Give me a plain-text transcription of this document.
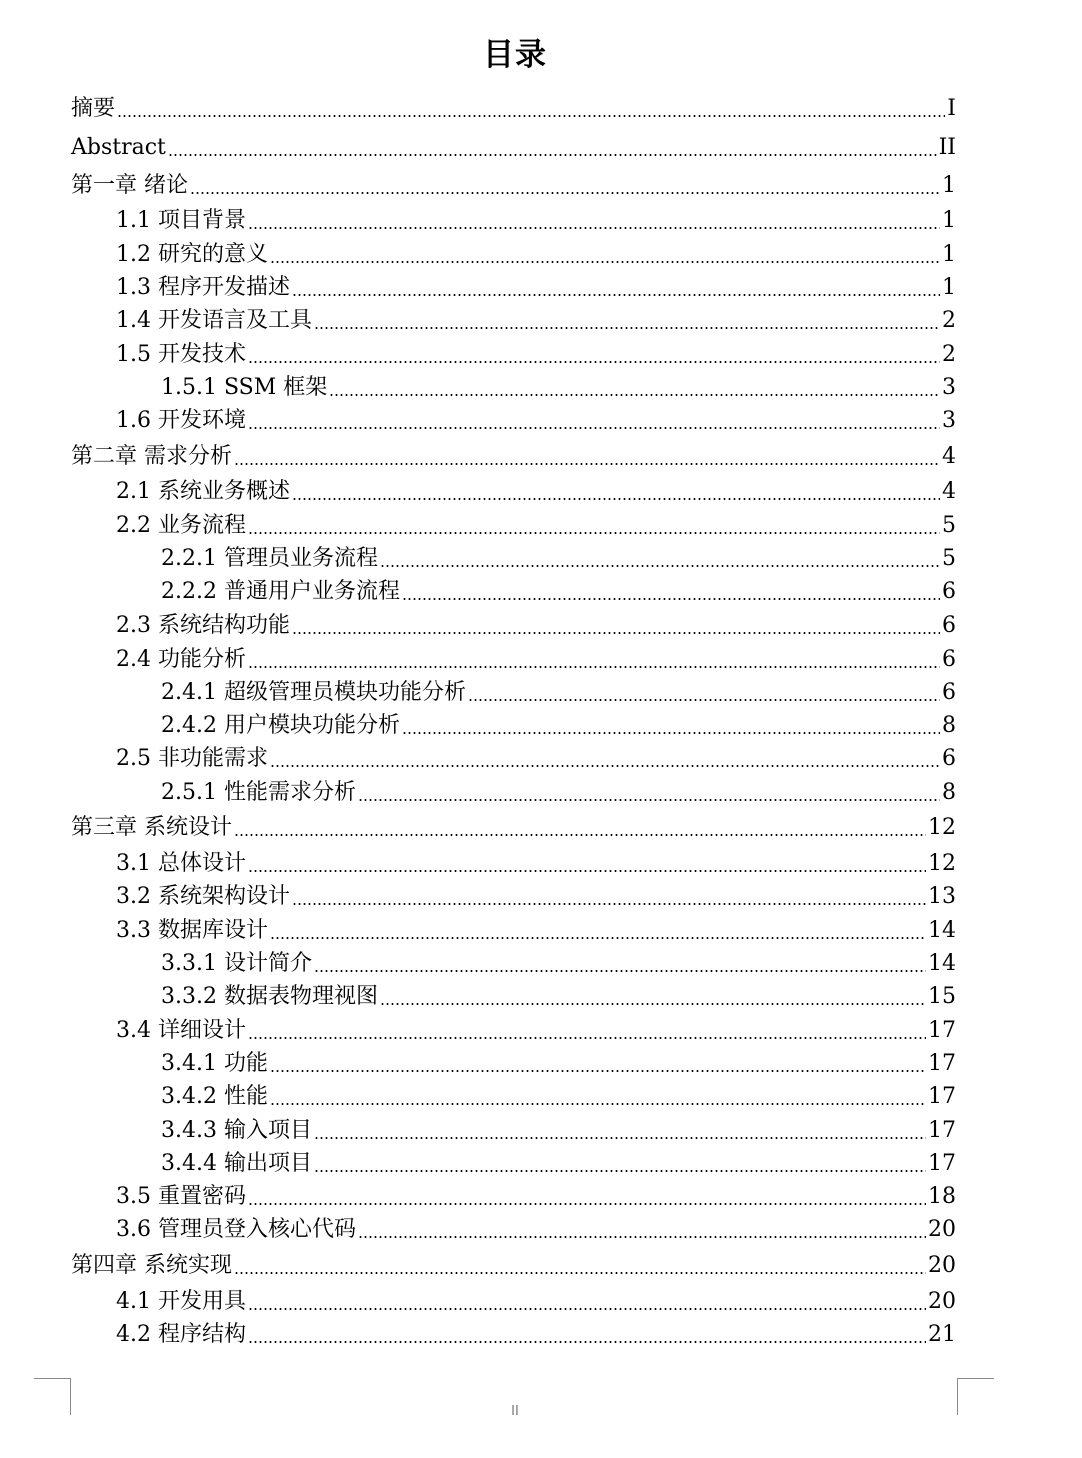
目录
摘要	I
Abstract	II
第一章 绪论	1
1.1 项目背景	1
1.2 研究的意义	1
1.3 程序开发描述	1
1.4 开发语言及工具	2
1.5 开发技术	2
1.5.1 SSM 框架	3
1.6 开发环境	3
第二章 需求分析	4
2.1 系统业务概述	4
2.2 业务流程	5
2.2.1 管理员业务流程	5
2.2.2 普通用户业务流程	6
2.3 系统结构功能	6
2.4 功能分析	6
2.4.1 超级管理员模块功能分析	6
2.4.2 用户模块功能分析	8
2.5 非功能需求	6
2.5.1 性能需求分析	8
第三章 系统设计	12
3.1 总体设计	12
3.2 系统架构设计	13
3.3 数据库设计	14
3.3.1 设计简介	14
3.3.2 数据表物理视图	15
3.4 详细设计	17
3.4.1 功能	17
3.4.2 性能	17
3.4.3 输入项目	17
3.4.4 输出项目	17
3.5 重置密码	18
3.6 管理员登入核心代码	20
第四章 系统实现	20
4.1 开发用具	20
4.2 程序结构	21
II
